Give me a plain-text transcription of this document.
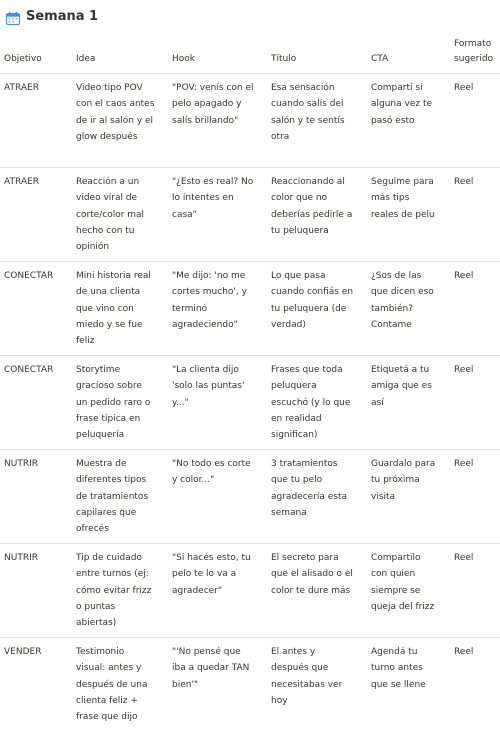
Semana 1
Objetivo	Idea	Hook	Título	CTA	Formato sugerido
ATRAER	Video tipo POV con el caos antes de ir al salón y el glow después	"POV: venís con el pelo apagado y salís brillando"	Esa sensación cuando salís del salón y te sentís otra	Compartí si alguna vez te pasó esto	Reel
ATRAER	Reacción a un video viral de corte/color mal hecho con tu opinión	"¿Esto es real? No lo intentes en casa"	Reaccionando al color que no deberías pedirle a tu peluquera	Seguime para más tips reales de pelu	Reel
CONECTAR	Mini historia real de una clienta que vino con miedo y se fue feliz	"Me dijo: 'no me cortes mucho', y terminó agradeciendo"	Lo que pasa cuando confiás en tu peluquera (de verdad)	¿Sos de las que dicen eso también? Contame	Reel
CONECTAR	Storytime gracioso sobre un pedido raro o frase típica en peluquería	"La clienta dijo 'solo las puntas' y..."	Frases que toda peluquera escuchó (y lo que en realidad significan)	Etiquetá a tu amiga que es así	Reel
NUTRIR	Muestra de diferentes tipos de tratamientos capilares que ofrecés	"No todo es corte y color..."	3 tratamientos que tu pelo agradecería esta semana	Guardalo para tu próxima visita	Reel
NUTRIR	Tip de cuidado entre turnos (ej: cómo evitar frizz o puntas abiertas)	"Si hacés esto, tu pelo te lo va a agradecer"	El secreto para que el alisado o el color te dure más	Compartilo con quien siempre se queja del frizz	Reel
VENDER	Testimonio visual: antes y después de una clienta feliz + frase que dijo	"'No pensé que iba a quedar TAN bien'"	El antes y después que necesitabas ver hoy	Agendá tu turno antes que se llene	Reel
